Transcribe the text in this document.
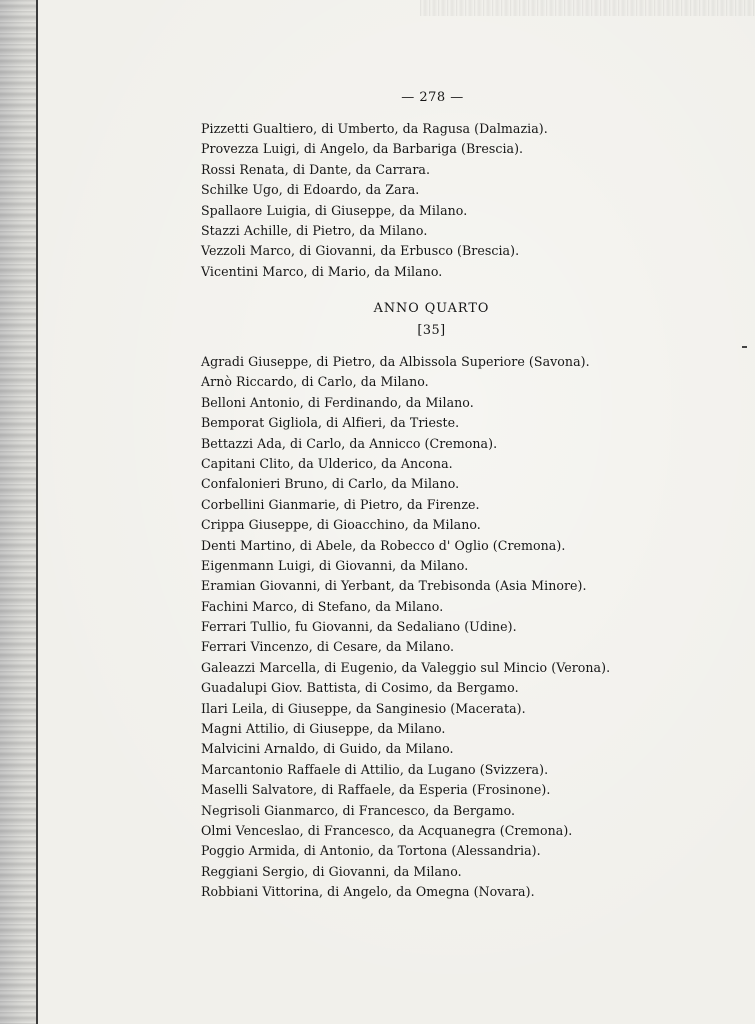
— 278 —
Pizzetti Gualtiero, di Umberto, da Ragusa (Dalmazia).
Provezza Luigi, di Angelo, da Barbariga (Brescia).
Rossi Renata, di Dante, da Carrara.
Schilke Ugo, di Edoardo, da Zara.
Spallaore Luigia, di Giuseppe, da Milano.
Stazzi Achille, di Pietro, da Milano.
Vezzoli Marco, di Giovanni, da Erbusco (Brescia).
Vicentini Marco, di Mario, da Milano.
ANNO QUARTO
[35]
Agradi Giuseppe, di Pietro, da Albissola Superiore (Savona).
Arnò Riccardo, di Carlo, da Milano.
Belloni Antonio, di Ferdinando, da Milano.
Bemporat Gigliola, di Alfieri, da Trieste.
Bettazzi Ada, di Carlo, da Annicco (Cremona).
Capitani Clito, da Ulderico, da Ancona.
Confalonieri Bruno, di Carlo, da Milano.
Corbellini Gianmarie, di Pietro, da Firenze.
Crippa Giuseppe, di Gioacchino, da Milano.
Denti Martino, di Abele, da Robecco d' Oglio (Cremona).
Eigenmann Luigi, di Giovanni, da Milano.
Eramian Giovanni, di Yerbant, da Trebisonda (Asia Minore).
Fachini Marco, di Stefano, da Milano.
Ferrari Tullio, fu Giovanni, da Sedaliano (Udine).
Ferrari Vincenzo, di Cesare, da Milano.
Galeazzi Marcella, di Eugenio, da Valeggio sul Mincio (Verona).
Guadalupi Giov. Battista, di Cosimo, da Bergamo.
Ilari Leila, di Giuseppe, da Sanginesio (Macerata).
Magni Attilio, di Giuseppe, da Milano.
Malvicini Arnaldo, di Guido, da Milano.
Marcantonio Raffaele di Attilio, da Lugano (Svizzera).
Maselli Salvatore, di Raffaele, da Esperia (Frosinone).
Negrisoli Gianmarco, di Francesco, da Bergamo.
Olmi Venceslao, di Francesco, da Acquanegra (Cremona).
Poggio Armida, di Antonio, da Tortona (Alessandria).
Reggiani Sergio, di Giovanni, da Milano.
Robbiani Vittorina, di Angelo, da Omegna (Novara).
